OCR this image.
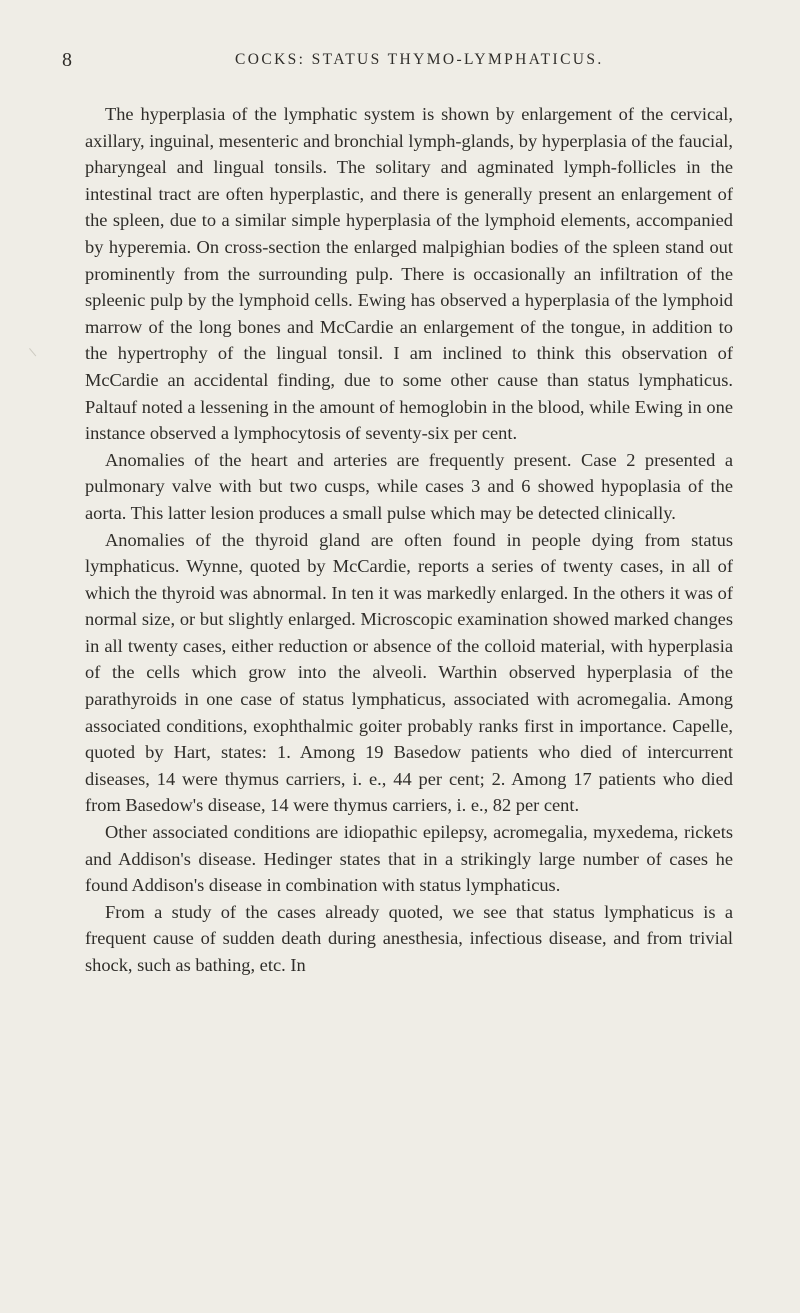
8	COCKS: STATUS THYMO-LYMPHATICUS.

The hyperplasia of the lymphatic system is shown by enlargement of the cervical, axillary, inguinal, mesenteric and bronchial lymph-glands, by hyperplasia of the faucial, pharyngeal and lingual tonsils. The solitary and agminated lymph-follicles in the intestinal tract are often hyperplastic, and there is generally present an enlargement of the spleen, due to a similar simple hyperplasia of the lymphoid elements, accompanied by hyperemia. On cross-section the enlarged malpighian bodies of the spleen stand out prominently from the surrounding pulp. There is occasionally an infiltration of the spleenic pulp by the lymphoid cells. Ewing has observed a hyperplasia of the lymphoid marrow of the long bones and McCardie an enlargement of the tongue, in addition to the hypertrophy of the lingual tonsil. I am inclined to think this observation of McCardie an accidental finding, due to some other cause than status lymphaticus. Paltauf noted a lessening in the amount of hemoglobin in the blood, while Ewing in one instance observed a lymphocytosis of seventy-six per cent.

Anomalies of the heart and arteries are frequently present. Case 2 presented a pulmonary valve with but two cusps, while cases 3 and 6 showed hypoplasia of the aorta. This latter lesion produces a small pulse which may be detected clinically.

Anomalies of the thyroid gland are often found in people dying from status lymphaticus. Wynne, quoted by McCardie, reports a series of twenty cases, in all of which the thyroid was abnormal. In ten it was markedly enlarged. In the others it was of normal size, or but slightly enlarged. Microscopic examination showed marked changes in all twenty cases, either reduction or absence of the colloid material, with hyperplasia of the cells which grow into the alveoli. Warthin observed hyperplasia of the parathyroids in one case of status lymphaticus, associated with acromegalia. Among associated conditions, exophthalmic goiter probably ranks first in importance. Capelle, quoted by Hart, states: 1. Among 19 Basedow patients who died of intercurrent diseases, 14 were thymus carriers, i. e., 44 per cent; 2. Among 17 patients who died from Basedow's disease, 14 were thymus carriers, i. e., 82 per cent.

Other associated conditions are idiopathic epilepsy, acromegalia, myxedema, rickets and Addison's disease. Hedinger states that in a strikingly large number of cases he found Addison's disease in combination with status lymphaticus.

From a study of the cases already quoted, we see that status lymphaticus is a frequent cause of sudden death during anesthesia, infectious disease, and from trivial shock, such as bathing, etc. In
